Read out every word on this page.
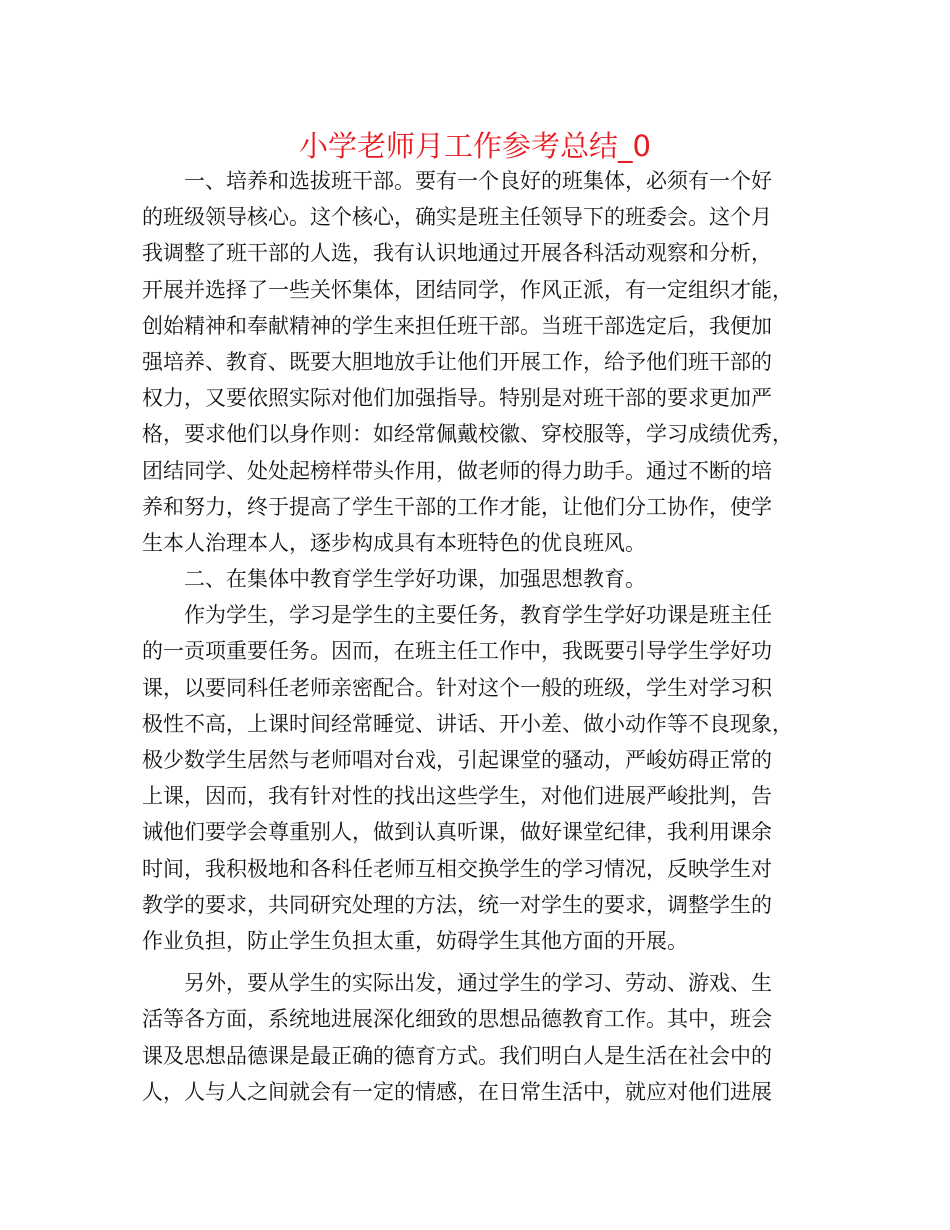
小学老师月工作参考总结_0
一、培养和选拔班干部。要有一个良好的班集体，必须有一个好
的班级领导核心。这个核心，确实是班主任领导下的班委会。这个月
我调整了班干部的人选，我有认识地通过开展各科活动观察和分析，
开展并选择了一些关怀集体，团结同学，作风正派，有一定组织才能，
创始精神和奉献精神的学生来担任班干部。当班干部选定后，我便加
强培养、教育、既要大胆地放手让他们开展工作，给予他们班干部的
权力，又要依照实际对他们加强指导。特别是对班干部的要求更加严
格，要求他们以身作则：如经常佩戴校徽、穿校服等，学习成绩优秀，
团结同学、处处起榜样带头作用，做老师的得力助手。通过不断的培
养和努力，终于提高了学生干部的工作才能，让他们分工协作，使学
生本人治理本人，逐步构成具有本班特色的优良班风。
二、在集体中教育学生学好功课，加强思想教育。
作为学生，学习是学生的主要任务，教育学生学好功课是班主任
的一贡项重要任务。因而，在班主任工作中，我既要引导学生学好功
课，以要同科任老师亲密配合。针对这个一般的班级，学生对学习积
极性不高，上课时间经常睡觉、讲话、开小差、做小动作等不良现象，
极少数学生居然与老师唱对台戏，引起课堂的骚动，严峻妨碍正常的
上课，因而，我有针对性的找出这些学生，对他们进展严峻批判，告
诫他们要学会尊重别人，做到认真听课，做好课堂纪律，我利用课余
时间，我积极地和各科任老师互相交换学生的学习情况，反映学生对
教学的要求，共同研究处理的方法，统一对学生的要求，调整学生的
作业负担，防止学生负担太重，妨碍学生其他方面的开展。
另外，要从学生的实际出发，通过学生的学习、劳动、游戏、生
活等各方面，系统地进展深化细致的思想品德教育工作。其中，班会
课及思想品德课是最正确的德育方式。我们明白人是生活在社会中的
人，人与人之间就会有一定的情感，在日常生活中，就应对他们进展
